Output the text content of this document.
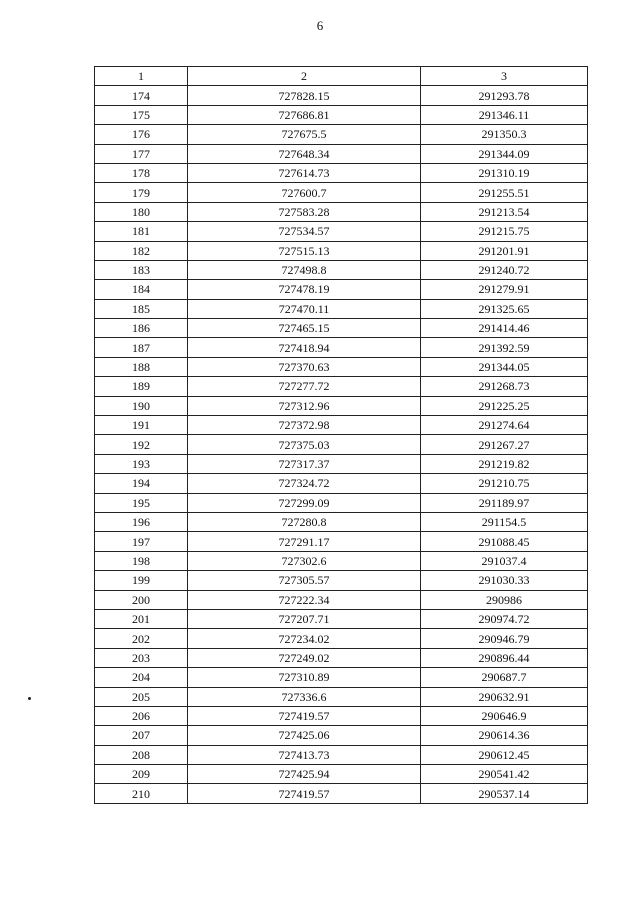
6
1	2	3
174	727828.15	291293.78
175	727686.81	291346.11
176	727675.5	291350.3
177	727648.34	291344.09
178	727614.73	291310.19
179	727600.7	291255.51
180	727583.28	291213.54
181	727534.57	291215.75
182	727515.13	291201.91
183	727498.8	291240.72
184	727478.19	291279.91
185	727470.11	291325.65
186	727465.15	291414.46
187	727418.94	291392.59
188	727370.63	291344.05
189	727277.72	291268.73
190	727312.96	291225.25
191	727372.98	291274.64
192	727375.03	291267.27
193	727317.37	291219.82
194	727324.72	291210.75
195	727299.09	291189.97
196	727280.8	291154.5
197	727291.17	291088.45
198	727302.6	291037.4
199	727305.57	291030.33
200	727222.34	290986
201	727207.71	290974.72
202	727234.02	290946.79
203	727249.02	290896.44
204	727310.89	290687.7
205	727336.6	290632.91
206	727419.57	290646.9
207	727425.06	290614.36
208	727413.73	290612.45
209	727425.94	290541.42
210	727419.57	290537.14
